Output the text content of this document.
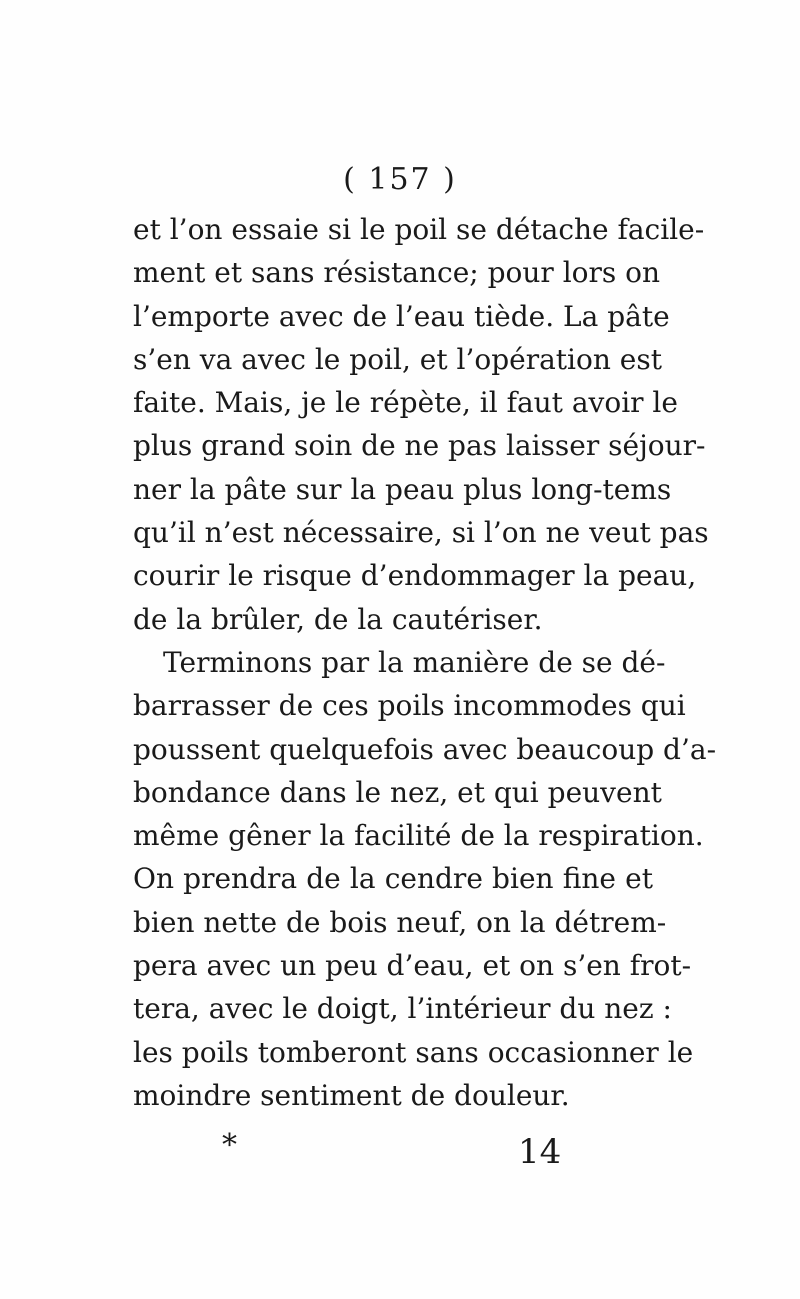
( 157 )
et l’on essaie si le poil se détache facile-
ment et sans résistance; pour lors on
l’emporte avec de l’eau tiède. La pâte
s’en va avec le poil, et l’opération est
faite. Mais, je le répète, il faut avoir le
plus grand soin de ne pas laisser séjour-
ner la pâte sur la peau plus long-tems
qu’il n’est nécessaire, si l’on ne veut pas
courir le risque d’endommager la peau,
de la brûler, de la cautériser.
Terminons par la manière de se dé-
barrasser de ces poils incommodes qui
poussent quelquefois avec beaucoup d’a-
bondance dans le nez, et qui peuvent
même gêner la facilité de la respiration.
On prendra de la cendre bien fine et
bien nette de bois neuf, on la détrem-
pera avec un peu d’eau, et on s’en frot-
tera, avec le doigt, l’intérieur du nez :
les poils tomberont sans occasionner le
moindre sentiment de douleur.
*	14
